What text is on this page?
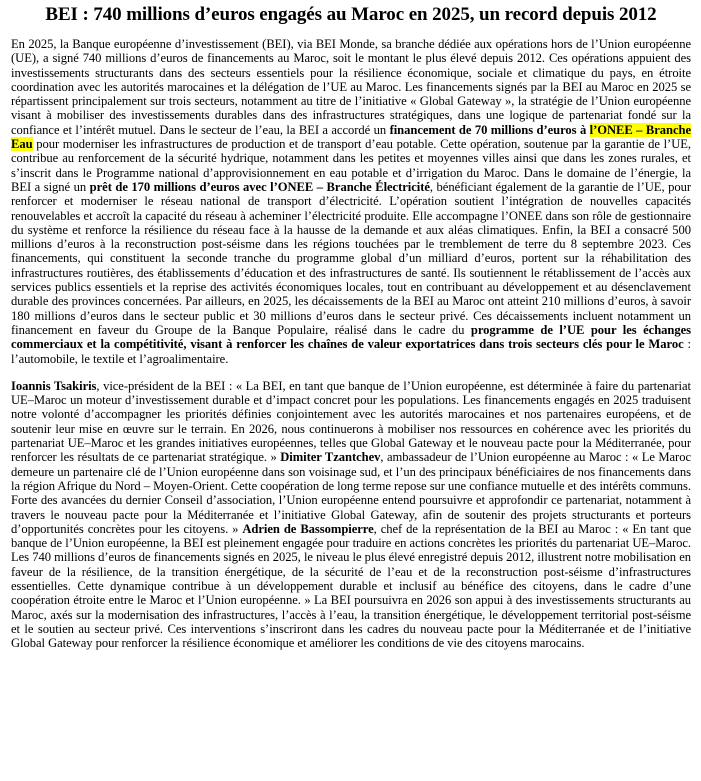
BEI : 740 millions d’euros engagés au Maroc en 2025, un record depuis 2012

En 2025, la Banque européenne d’investissement (BEI), via BEI Monde, sa branche dédiée aux opérations hors de l’Union européenne (UE), a signé 740 millions d’euros de financements au Maroc, soit le montant le plus élevé depuis 2012. Ces opérations appuient des investissements structurants dans des secteurs essentiels pour la résilience économique, sociale et climatique du pays, en étroite coordination avec les autorités marocaines et la délégation de l’UE au Maroc. Les financements signés par la BEI au Maroc en 2025 se répartissent principalement sur trois secteurs, notamment au titre de l’initiative « Global Gateway », la stratégie de l’Union européenne visant à mobiliser des investissements durables dans des infrastructures stratégiques, dans une logique de partenariat fondé sur la confiance et l’intérêt mutuel. Dans le secteur de l’eau, la BEI a accordé un financement de 70 millions d’euros à l’ONEE – Branche Eau pour moderniser les infrastructures de production et de transport d’eau potable. Cette opération, soutenue par la garantie de l’UE, contribue au renforcement de la sécurité hydrique, notamment dans les petites et moyennes villes ainsi que dans les zones rurales, et s’inscrit dans le Programme national d’approvisionnement en eau potable et d’irrigation du Maroc. Dans le domaine de l’énergie, la BEI a signé un prêt de 170 millions d’euros avec l’ONEE – Branche Électricité, bénéficiant également de la garantie de l’UE, pour renforcer et moderniser le réseau national de transport d’électricité. L’opération soutient l’intégration de nouvelles capacités renouvelables et accroît la capacité du réseau à acheminer l’électricité produite. Elle accompagne l’ONEE dans son rôle de gestionnaire du système et renforce la résilience du réseau face à la hausse de la demande et aux aléas climatiques. Enfin, la BEI a consacré 500 millions d’euros à la reconstruction post-séisme dans les régions touchées par le tremblement de terre du 8 septembre 2023. Ces financements, qui constituent la seconde tranche du programme global d’un milliard d’euros, portent sur la réhabilitation des infrastructures routières, des établissements d’éducation et des infrastructures de santé. Ils soutiennent le rétablissement de l’accès aux services publics essentiels et la reprise des activités économiques locales, tout en contribuant au développement et au désenclavement durable des provinces concernées. Par ailleurs, en 2025, les décaissements de la BEI au Maroc ont atteint 210 millions d’euros, à savoir 180 millions d’euros dans le secteur public et 30 millions d’euros dans le secteur privé. Ces décaissements incluent notamment un financement en faveur du Groupe de la Banque Populaire, réalisé dans le cadre du programme de l’UE pour les échanges commerciaux et la compétitivité, visant à renforcer les chaînes de valeur exportatrices dans trois secteurs clés pour le Maroc : l’automobile, le textile et l’agroalimentaire.

Ioannis Tsakiris, vice-président de la BEI : « La BEI, en tant que banque de l’Union européenne, est déterminée à faire du partenariat UE–Maroc un moteur d’investissement durable et d’impact concret pour les populations. Les financements engagés en 2025 traduisent notre volonté d’accompagner les priorités définies conjointement avec les autorités marocaines et nos partenaires européens, et de soutenir leur mise en œuvre sur le terrain. En 2026, nous continuerons à mobiliser nos ressources en cohérence avec les priorités du partenariat UE–Maroc et les grandes initiatives européennes, telles que Global Gateway et le nouveau pacte pour la Méditerranée, pour renforcer les résultats de ce partenariat stratégique. » Dimiter Tzantchev, ambassadeur de l’Union européenne au Maroc : « Le Maroc demeure un partenaire clé de l’Union européenne dans son voisinage sud, et l’un des principaux bénéficiaires de nos financements dans la région Afrique du Nord – Moyen-Orient. Cette coopération de long terme repose sur une confiance mutuelle et des intérêts communs. Forte des avancées du dernier Conseil d’association, l’Union européenne entend poursuivre et approfondir ce partenariat, notamment à travers le nouveau pacte pour la Méditerranée et l’initiative Global Gateway, afin de soutenir des projets structurants et porteurs d’opportunités concrètes pour les citoyens. » Adrien de Bassompierre, chef de la représentation de la BEI au Maroc : « En tant que banque de l’Union européenne, la BEI est pleinement engagée pour traduire en actions concrètes les priorités du partenariat UE–Maroc. Les 740 millions d’euros de financements signés en 2025, le niveau le plus élevé enregistré depuis 2012, illustrent notre mobilisation en faveur de la résilience, de la transition énergétique, de la sécurité de l’eau et de la reconstruction post-séisme d’infrastructures essentielles. Cette dynamique contribue à un développement durable et inclusif au bénéfice des citoyens, dans le cadre d’une coopération étroite entre le Maroc et l’Union européenne. » La BEI poursuivra en 2026 son appui à des investissements structurants au Maroc, axés sur la modernisation des infrastructures, l’accès à l’eau, la transition énergétique, le développement territorial post-séisme et le soutien au secteur privé. Ces interventions s’inscriront dans les cadres du nouveau pacte pour la Méditerranée et de l’initiative Global Gateway pour renforcer la résilience économique et améliorer les conditions de vie des citoyens marocains.
